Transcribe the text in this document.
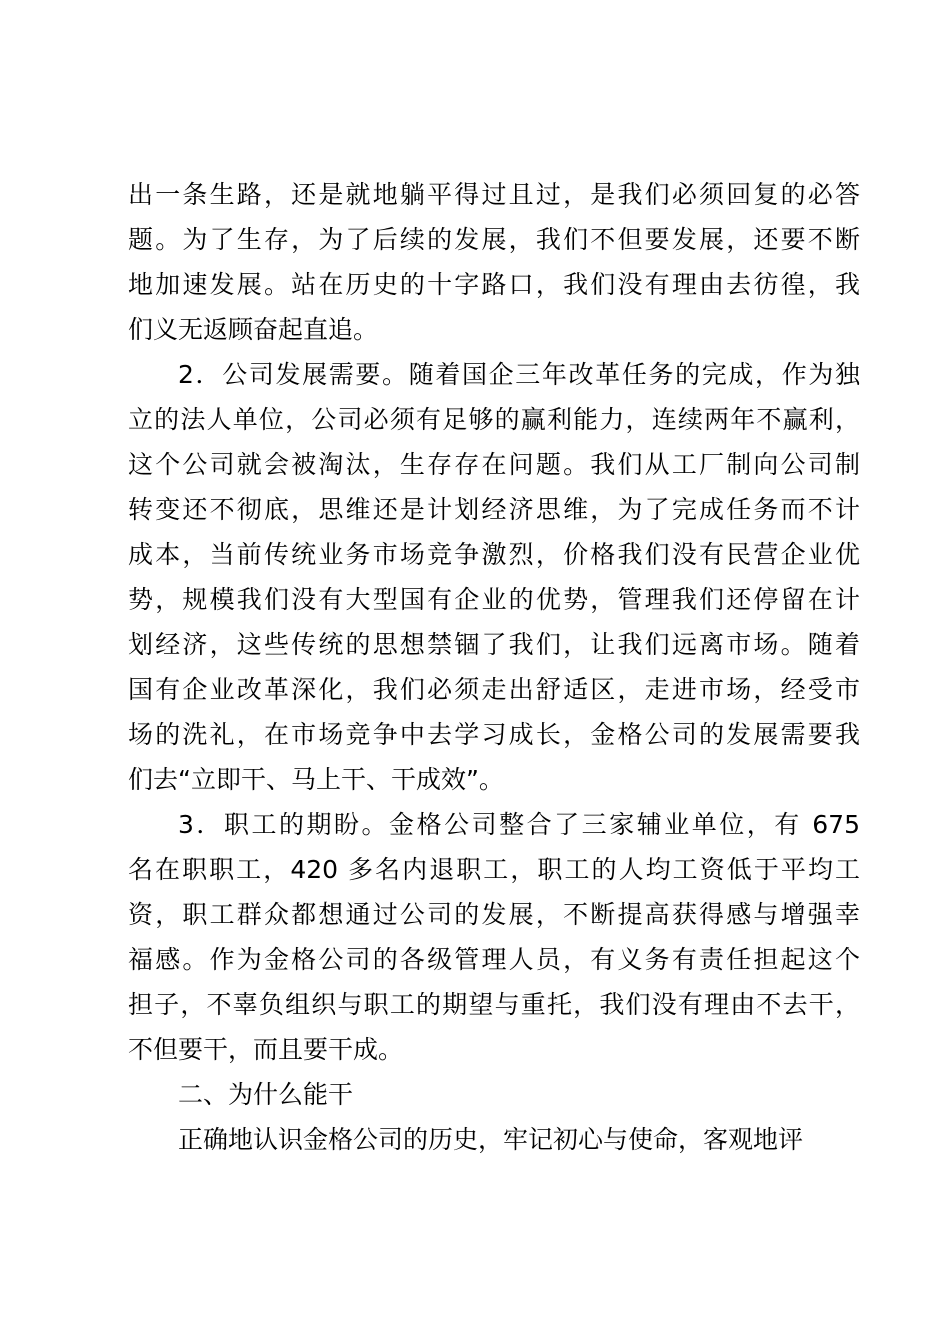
出一条生路，还是就地躺平得过且过，是我们必须回复的必答
题。为了生存，为了后续的发展，我们不但要发展，还要不断
地加速发展。站在历史的十字路口，我们没有理由去彷徨，我
们义无返顾奋起直追。
2．公司发展需要。随着国企三年改革任务的完成，作为独
立的法人单位，公司必须有足够的赢利能力，连续两年不赢利，
这个公司就会被淘汰，生存存在问题。我们从工厂制向公司制
转变还不彻底，思维还是计划经济思维，为了完成任务而不计
成本，当前传统业务市场竞争激烈，价格我们没有民营企业优
势，规模我们没有大型国有企业的优势，管理我们还停留在计
划经济，这些传统的思想禁锢了我们，让我们远离市场。随着
国有企业改革深化，我们必须走出舒适区，走进市场，经受市
场的洗礼，在市场竞争中去学习成长，金格公司的发展需要我
们去“立即干、马上干、干成效”。
3．职工的期盼。金格公司整合了三家辅业单位，有 675
名在职职工，420 多名内退职工，职工的人均工资低于平均工
资，职工群众都想通过公司的发展，不断提高获得感与增强幸
福感。作为金格公司的各级管理人员，有义务有责任担起这个
担子，不辜负组织与职工的期望与重托，我们没有理由不去干，
不但要干，而且要干成。
二、为什么能干
正确地认识金格公司的历史，牢记初心与使命，客观地评
